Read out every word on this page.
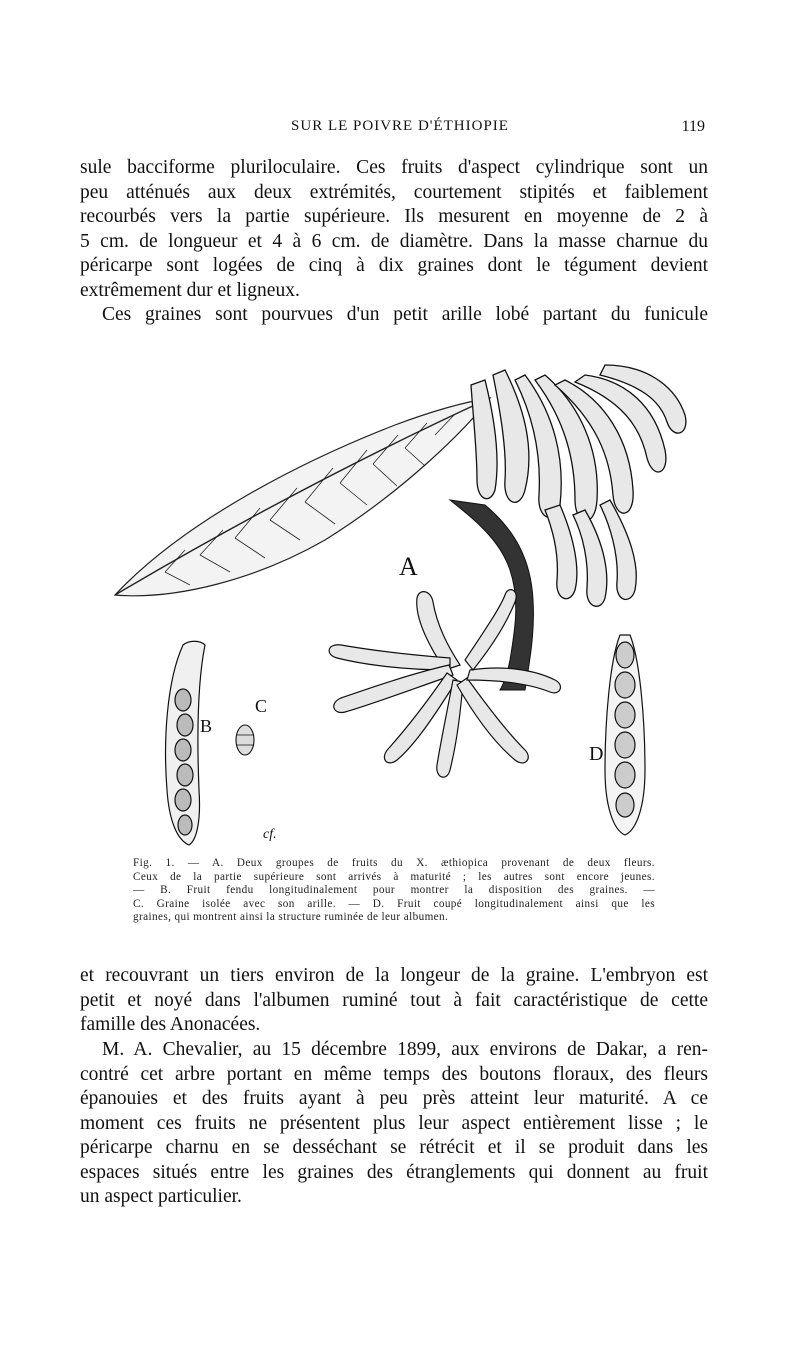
SUR LE POIVRE D'ÉTHIOPIE	119
sule bacciforme pluriloculaire. Ces fruits d'aspect cylindrique sont un
peu atténués aux deux extrémités, courtement stipités et faiblement
recourbés vers la partie supérieure. Ils mesurent en moyenne de 2 à
5 cm. de longueur et 4 à 6 cm. de diamètre. Dans la masse charnue du
péricarpe sont logées de cinq à dix graines dont le tégument devient
extrêmement dur et ligneux.
Ces graines sont pourvues d'un petit arille lobé partant du funicule
A
B
C
D
cf.
Fig. 1. — A. Deux groupes de fruits du X. æthiopica provenant de deux fleurs.
Ceux de la partie supérieure sont arrivés à maturité ; les autres sont encore jeunes.
— B. Fruit fendu longitudinalement pour montrer la disposition des graines. —
C. Graine isolée avec son arille. — D. Fruit coupé longitudinalement ainsi que les
graines, qui montrent ainsi la structure ruminée de leur albumen.
et recouvrant un tiers environ de la longeur de la graine. L'embryon est
petit et noyé dans l'albumen ruminé tout à fait caractéristique de cette
famille des Anonacées.
M. A. Chevalier, au 15 décembre 1899, aux environs de Dakar, a ren-
contré cet arbre portant en même temps des boutons floraux, des fleurs
épanouies et des fruits ayant à peu près atteint leur maturité. A ce
moment ces fruits ne présentent plus leur aspect entièrement lisse ; le
péricarpe charnu en se desséchant se rétrécit et il se produit dans les
espaces situés entre les graines des étranglements qui donnent au fruit
un aspect particulier.
